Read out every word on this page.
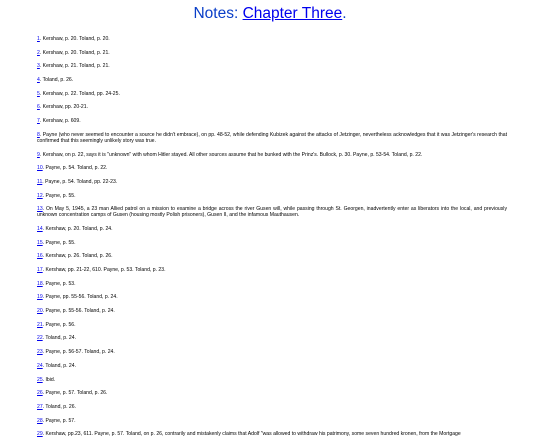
Notes: Chapter Three.
1. Kershaw, p. 20. Toland, p. 20.
2. Kershaw, p. 20. Toland, p. 21.
3. Kershaw, p. 21. Toland, p. 21.
4. Toland, p. 26.
5. Kershaw, p. 22. Toland, pp. 24-25.
6. Kershaw, pp. 20-21.
7. Kershaw, p. 609.
8. Payne (who never seemed to encounter a source he didn't embrace), on pp. 48-52, while defending Kubizek against the attacks of Jetzinger, nevertheless acknowledges that it was Jetzinger's research that confirmed that this seemingly unlikely story was true.
9. Kershaw, on p. 22, says it is "unknown" with whom Hitler stayed. All other sources assume that he bunked with the Prinz's. Bullock, p. 30. Payne, p. 53-54. Toland, p. 22.
10. Payne, p. 54. Toland, p. 22.
11. Payne, p. 54. Toland, pp. 22-23.
12. Payne, p. 55.
13. On May 5, 1945, a 23 man Allied patrol on a mission to examine a bridge across the river Gusen will, while passing through St. Georgen, inadvertently enter as liberators into the local, and previously unknown concentration camps of Gusen (housing mostly Polish prisoners), Gusen II, and the infamous Mauthausen.
14. Kershaw, p. 20. Toland, p. 24.
15. Payne, p. 55.
16. Kershaw, p. 26. Toland, p. 26.
17. Kershaw, pp. 21-22, 610. Payne, p. 53. Toland, p. 23.
18. Payne, p. 53.
19. Payne, pp. 55-56. Toland, p. 24.
20. Payne, p. 55-56. Toland, p. 24.
21. Payne, p. 56.
22. Toland, p. 24.
23. Payne, p. 56-57. Toland, p. 24.
24. Toland, p. 24.
25. Ibid.
26. Payne, p. 57. Toland, p. 26.
27. Toland, p. 26.
28. Payne, p. 57.
29. Kershaw, pp.23, 611. Payne, p. 57. Toland, on p. 26, contrarily and mistakenly claims that Adolf "was allowed to withdraw his patrimony, some seven hundred kronen, from the Mortgage
